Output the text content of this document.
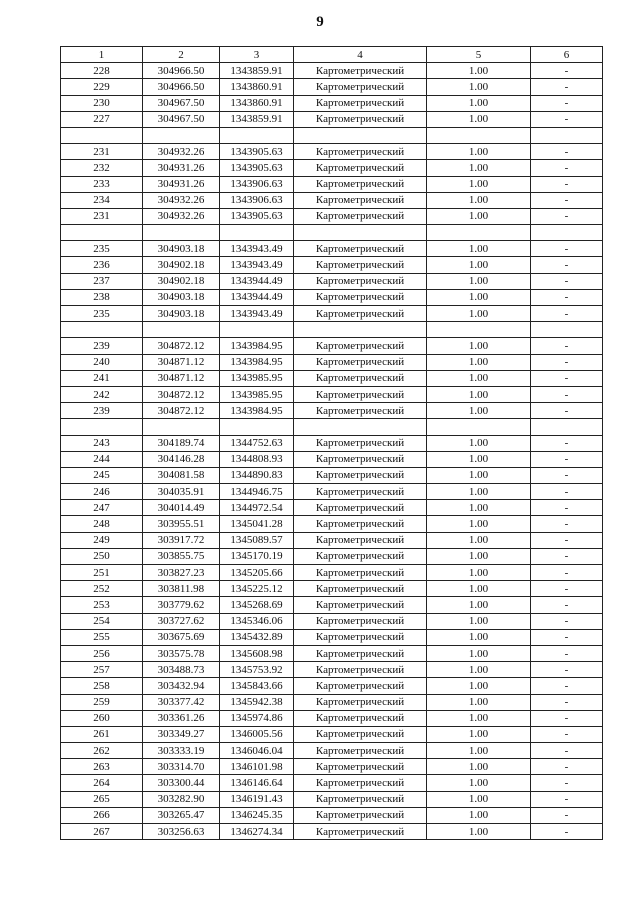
9
1	2	3	4	5	6
228	304966.50	1343859.91	Картометрический	1.00	-
229	304966.50	1343860.91	Картометрический	1.00	-
230	304967.50	1343860.91	Картометрический	1.00	-
227	304967.50	1343859.91	Картометрический	1.00	-

231	304932.26	1343905.63	Картометрический	1.00	-
232	304931.26	1343905.63	Картометрический	1.00	-
233	304931.26	1343906.63	Картометрический	1.00	-
234	304932.26	1343906.63	Картометрический	1.00	-
231	304932.26	1343905.63	Картометрический	1.00	-

235	304903.18	1343943.49	Картометрический	1.00	-
236	304902.18	1343943.49	Картометрический	1.00	-
237	304902.18	1343944.49	Картометрический	1.00	-
238	304903.18	1343944.49	Картометрический	1.00	-
235	304903.18	1343943.49	Картометрический	1.00	-

239	304872.12	1343984.95	Картометрический	1.00	-
240	304871.12	1343984.95	Картометрический	1.00	-
241	304871.12	1343985.95	Картометрический	1.00	-
242	304872.12	1343985.95	Картометрический	1.00	-
239	304872.12	1343984.95	Картометрический	1.00	-

243	304189.74	1344752.63	Картометрический	1.00	-
244	304146.28	1344808.93	Картометрический	1.00	-
245	304081.58	1344890.83	Картометрический	1.00	-
246	304035.91	1344946.75	Картометрический	1.00	-
247	304014.49	1344972.54	Картометрический	1.00	-
248	303955.51	1345041.28	Картометрический	1.00	-
249	303917.72	1345089.57	Картометрический	1.00	-
250	303855.75	1345170.19	Картометрический	1.00	-
251	303827.23	1345205.66	Картометрический	1.00	-
252	303811.98	1345225.12	Картометрический	1.00	-
253	303779.62	1345268.69	Картометрический	1.00	-
254	303727.62	1345346.06	Картометрический	1.00	-
255	303675.69	1345432.89	Картометрический	1.00	-
256	303575.78	1345608.98	Картометрический	1.00	-
257	303488.73	1345753.92	Картометрический	1.00	-
258	303432.94	1345843.66	Картометрический	1.00	-
259	303377.42	1345942.38	Картометрический	1.00	-
260	303361.26	1345974.86	Картометрический	1.00	-
261	303349.27	1346005.56	Картометрический	1.00	-
262	303333.19	1346046.04	Картометрический	1.00	-
263	303314.70	1346101.98	Картометрический	1.00	-
264	303300.44	1346146.64	Картометрический	1.00	-
265	303282.90	1346191.43	Картометрический	1.00	-
266	303265.47	1346245.35	Картометрический	1.00	-
267	303256.63	1346274.34	Картометрический	1.00	-
